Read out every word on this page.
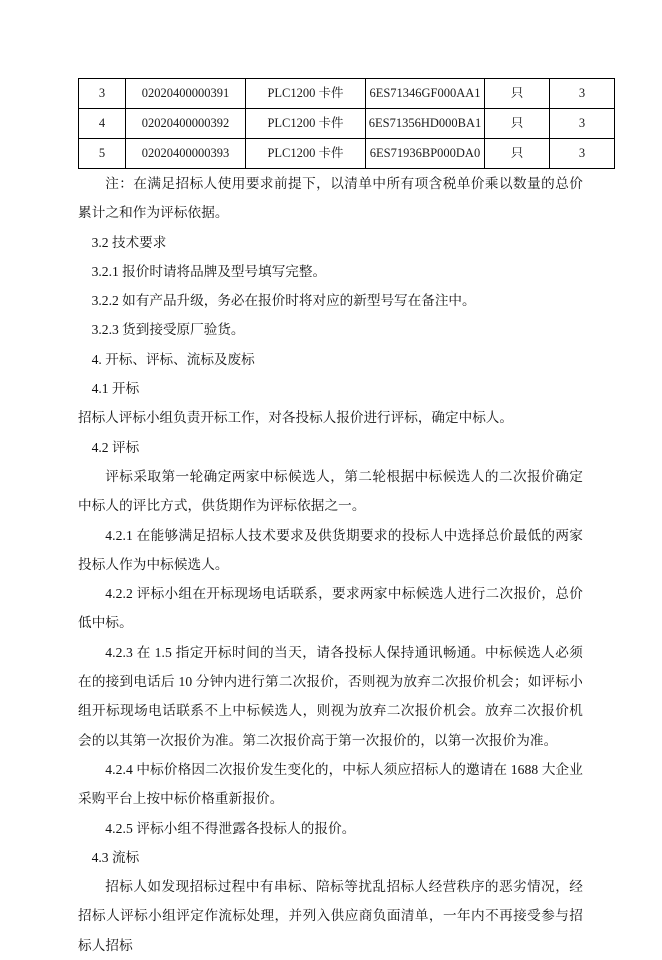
3	02020400000391	PLC1200 卡件	6ES71346GF000AA1	只	3
4	02020400000392	PLC1200 卡件	6ES71356HD000BA1	只	3
5	02020400000393	PLC1200 卡件	6ES71936BP000DA0	只	3

注：在满足招标人使用要求前提下，以清单中所有项含税单价乘以数量的总价累计之和作为评标依据。

3.2 技术要求

3.2.1 报价时请将品牌及型号填写完整。

3.2.2 如有产品升级，务必在报价时将对应的新型号写在备注中。

3.2.3 货到接受原厂验货。

4. 开标、评标、流标及废标

4.1 开标

招标人评标小组负责开标工作，对各投标人报价进行评标，确定中标人。

4.2 评标

评标采取第一轮确定两家中标候选人，第二轮根据中标候选人的二次报价确定中标人的评比方式，供货期作为评标依据之一。

4.2.1 在能够满足招标人技术要求及供货期要求的投标人中选择总价最低的两家投标人作为中标候选人。

4.2.2 评标小组在开标现场电话联系，要求两家中标候选人进行二次报价，总价低中标。

4.2.3 在 1.5 指定开标时间的当天，请各投标人保持通讯畅通。中标候选人必须在的接到电话后 10 分钟内进行第二次报价，否则视为放弃二次报价机会；如评标小组开标现场电话联系不上中标候选人，则视为放弃二次报价机会。放弃二次报价机会的以其第一次报价为准。第二次报价高于第一次报价的，以第一次报价为准。

4.2.4 中标价格因二次报价发生变化的，中标人须应招标人的邀请在 1688 大企业采购平台上按中标价格重新报价。

4.2.5 评标小组不得泄露各投标人的报价。

4.3 流标

招标人如发现招标过程中有串标、陪标等扰乱招标人经营秩序的恶劣情况，经招标人评标小组评定作流标处理，并列入供应商负面清单，一年内不再接受参与招标人招标
